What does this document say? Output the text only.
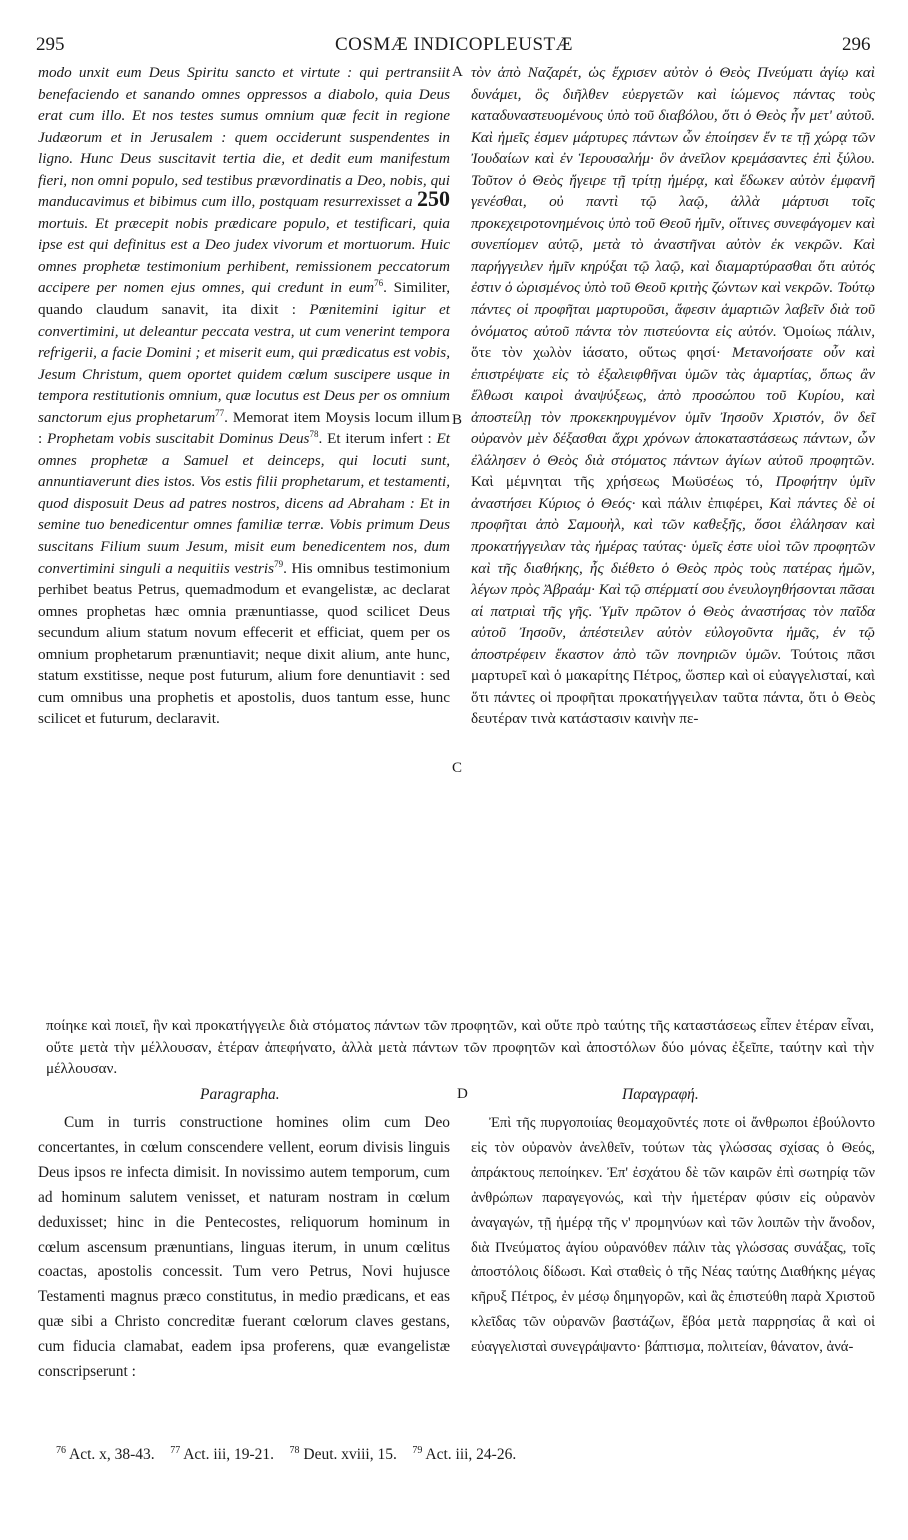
295	COSMÆ INDICOPLEUSTÆ	296
A
B
C
D

modo unxit eum Deus Spiritu sancto et virtute : qui pertransiit benefaciendo et sanando omnes oppressos a diabolo, quia Deus erat cum illo. Et nos testes sumus omnium quæ fecit in regione Judæorum et in Jerusalem : quem occiderunt suspendentes in ligno. Hunc Deus suscitavit tertia die, et dedit eum manifestum fieri, non omni populo, sed testibus prævordinatis a Deo, nobis, qui manducavimus et bibimus cum illo, postquam resurrexisset a 250 mortuis. Et præcepit nobis prædicare populo, et testificari, quia ipse est qui definitus est a Deo judex vivorum et mortuorum. Huic omnes prophetæ testimonium perhibent, remissionem peccatorum accipere per nomen ejus omnes, qui credunt in eum$^{76}$. Similiter, quando claudum sanavit, ita dixit : Pœnitemini igitur et convertimini, ut deleantur peccata vestra, ut cum venerint tempora refrigerii, a facie Domini ; et miserit eum, qui prædicatus est vobis, Jesum Christum, quem oportet quidem cœlum suscipere usque in tempora restitutionis omnium, quæ locutus est Deus per os omnium sanctorum ejus prophetarum$^{77}$. Memorat item Moysis locum illum : Prophetam vobis suscitabit Dominus Deus$^{78}$. Et iterum infert : Et omnes prophetæ a Samuel et deinceps, qui locuti sunt, annuntiaverunt dies istos. Vos estis filii prophetarum, et testamenti, quod disposuit Deus ad patres nostros, dicens ad Abraham : Et in semine tuo benedicentur omnes familiæ terræ. Vobis primum Deus suscitans Filium suum Jesum, misit eum benedicentem nos, dum convertimini singuli a nequitiis vestris$^{79}$. His omnibus testimonium perhibet beatus Petrus, quemadmodum et evangelistæ, ac declarat omnes prophetas hæc omnia prænuntiasse, quod scilicet Deus secundum alium statum novum effecerit et efficiat, quem per os omnium prophetarum prænuntiavit; neque dixit alium, ante hunc, statum exstitisse, neque post futurum, alium fore denuntiavit : sed cum omnibus una prophetis et apostolis, duos tantum esse, hunc scilicet et futurum, declaravit.

τὸν ἀπὸ Ναζαρέτ, ὡς ἔχρισεν αὐτὸν ὁ Θεὸς Πνεύματι ἁγίῳ καὶ δυνάμει, ὃς διῆλθεν εὐεργετῶν καὶ ἰώμενος πάντας τοὺς καταδυναστευομένους ὑπὸ τοῦ διαβόλου, ὅτι ὁ Θεὸς ἦν μετ' αὐτοῦ. Καὶ ἡμεῖς ἐσμεν μάρτυρες πάντων ὧν ἐποίησεν ἔν τε τῇ χώρᾳ τῶν Ἰουδαίων καὶ ἐν Ἱερουσαλήμ· ὃν ἀνεῖλον κρεμάσαντες ἐπὶ ξύλου. Τοῦτον ὁ Θεὸς ἤγειρε τῇ τρίτῃ ἡμέρᾳ, καὶ ἔδωκεν αὐτὸν ἐμφανῆ γενέσθαι, οὐ παντὶ τῷ λαῷ, ἀλλὰ μάρτυσι τοῖς προκεχειροτονημένοις ὑπὸ τοῦ Θεοῦ ἡμῖν, οἵτινες συνεφάγομεν καὶ συνεπίομεν αὐτῷ, μετὰ τὸ ἀναστῆναι αὐτὸν ἐκ νεκρῶν. Καὶ παρήγγειλεν ἡμῖν κηρύξαι τῷ λαῷ, καὶ διαμαρτύρασθαι ὅτι αὐτός ἐστιν ὁ ὡρισμένος ὑπὸ τοῦ Θεοῦ κριτὴς ζώντων καὶ νεκρῶν. Τούτῳ πάντες οἱ προφῆται μαρτυροῦσι, ἄφεσιν ἁμαρτιῶν λαβεῖν διὰ τοῦ ὀνόματος αὐτοῦ πάντα τὸν πιστεύοντα εἰς αὐτόν. Ὁμοίως πάλιν, ὅτε τὸν χωλὸν ἰάσατο, οὕτως φησί· Μετανοήσατε οὖν καὶ ἐπιστρέψατε εἰς τὸ ἐξαλειφθῆναι ὑμῶν τὰς ἁμαρτίας, ὅπως ἂν ἔλθωσι καιροὶ ἀναψύξεως, ἀπὸ προσώπου τοῦ Κυρίου, καὶ ἀποστείλῃ τὸν προκεκηρυγμένον ὑμῖν Ἰησοῦν Χριστόν, ὃν δεῖ οὐρανὸν μὲν δέξασθαι ἄχρι χρόνων ἀποκαταστάσεως πάντων, ὧν ἐλάλησεν ὁ Θεὸς διὰ στόματος πάντων ἁγίων αὐτοῦ προφητῶν. Καὶ μέμνηται τῆς χρήσεως Μωϋσέως τό, Προφήτην ὑμῖν ἀναστήσει Κύριος ὁ Θεός· καὶ πάλιν ἐπιφέρει, Καὶ πάντες δὲ οἱ προφῆται ἀπὸ Σαμουὴλ, καὶ τῶν καθεξῆς, ὅσοι ἐλάλησαν καὶ προκατήγγειλαν τὰς ἡμέρας ταύτας· ὑμεῖς ἐστε υἱοὶ τῶν προφητῶν καὶ τῆς διαθήκης, ἧς διέθετο ὁ Θεὸς πρὸς τοὺς πατέρας ἡμῶν, λέγων πρὸς Ἀβραάμ· Καὶ τῷ σπέρματί σου ἐνευλογηθήσονται πᾶσαι αἱ πατριαὶ τῆς γῆς. Ὑμῖν πρῶτον ὁ Θεὸς ἀναστήσας τὸν παῖδα αὐτοῦ Ἰησοῦν, ἀπέστειλεν αὐτὸν εὐλογοῦντα ἡμᾶς, ἐν τῷ ἀποστρέφειν ἕκαστον ἀπὸ τῶν πονηριῶν ὑμῶν. Τούτοις πᾶσι μαρτυρεῖ καὶ ὁ μακαρίτης Πέτρος, ὥσπερ καὶ οἱ εὐαγγελισταί, καὶ ὅτι πάντες οἱ προφῆται προκατήγγειλαν ταῦτα πάντα, ὅτι ὁ Θεὸς δευτέραν τινὰ κατάστασιν καινὴν πε-

ποίηκε καὶ ποιεῖ, ἣν καὶ προκατήγγειλε διὰ στόματος πάντων τῶν προφητῶν, καὶ οὔτε πρὸ ταύτης τῆς καταστάσεως εἶπεν ἑτέραν εἶναι, οὔτε μετὰ τὴν μέλλουσαν, ἑτέραν ἀπεφήνατο, ἀλλὰ μετὰ πάντων τῶν προφητῶν καὶ ἀποστόλων δύο μόνας ἐξεῖπε, ταύτην καὶ τὴν μέλλουσαν.

Paragrapha.	Παραγραφή.

Cum in turris constructione homines olim cum Deo concertantes, in cœlum conscendere vellent, eorum divisis linguis Deus ipsos re infecta dimisit. In novissimo autem temporum, cum ad hominum salutem venisset, et naturam nostram in cœlum deduxisset; hinc in die Pentecostes, reliquorum hominum in cœlum ascensum prænuntians, linguas iterum, in unum cœlitus coactas, apostolis concessit. Tum vero Petrus, Novi hujusce Testamenti magnus præco constitutus, in medio prædicans, et eas quæ sibi a Christo concreditæ fuerant cœlorum claves gestans, cum fiducia clamabat, eadem ipsa proferens, quæ evangelistæ conscripserunt :

Ἐπὶ τῆς πυργοποιίας θεομαχοῦντές ποτε οἱ ἄνθρωποι ἐβούλοντο εἰς τὸν οὐρανὸν ἀνελθεῖν, τούτων τὰς γλώσσας σχίσας ὁ Θεός, ἀπράκτους πεποίηκεν. Ἐπ' ἐσχάτου δὲ τῶν καιρῶν ἐπὶ σωτηρίᾳ τῶν ἀνθρώπων παραγεγονώς, καὶ τὴν ἡμετέραν φύσιν εἰς οὐρανὸν ἀναγαγών, τῇ ἡμέρᾳ τῆς ν' προμηνύων καὶ τῶν λοιπῶν τὴν ἄνοδον, διὰ Πνεύματος ἁγίου οὐρανόθεν πάλιν τὰς γλώσσας συνάξας, τοῖς ἀποστόλοις δίδωσι. Καὶ σταθεὶς ὁ τῆς Νέας ταύτης Διαθήκης μέγας κῆρυξ Πέτρος, ἐν μέσῳ δημηγορῶν, καὶ ἃς ἐπιστεύθη παρὰ Χριστοῦ κλεῖδας τῶν οὐρανῶν βαστάζων, ἔβόα μετὰ παρρησίας ἃ καὶ οἱ εὐαγγελισταὶ συνεγράψαντο· βάπτισμα, πολιτείαν, θάνατον, ἀνά-

$^{76}$ Act. x, 38-43. $^{77}$ Act. iii, 19-21. $^{78}$ Deut. xviii, 15. $^{79}$ Act. iii, 24-26.
